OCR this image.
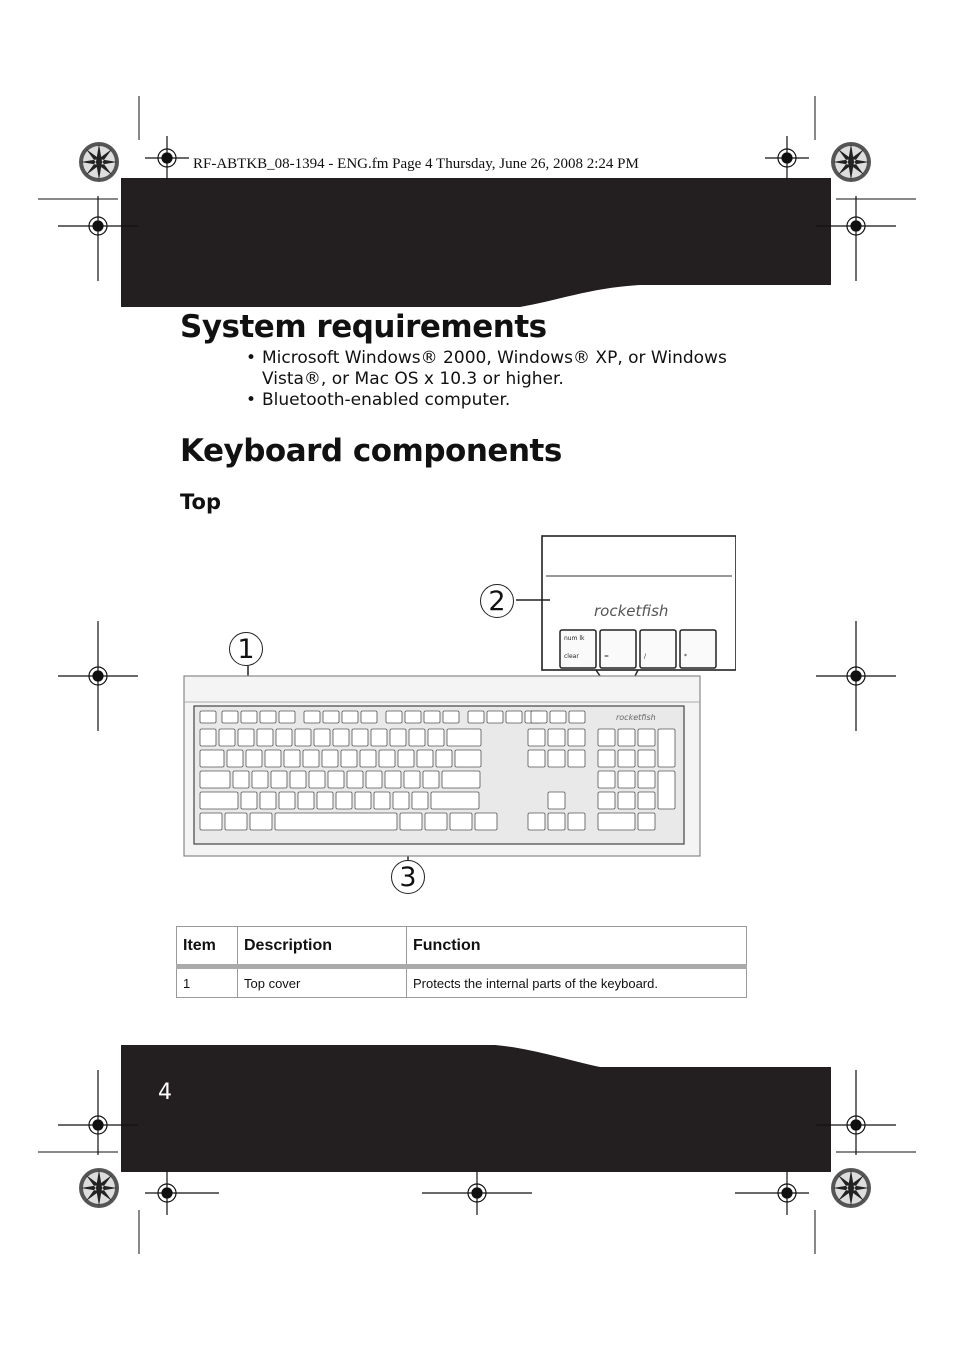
RF-ABTKB_08-1394 - ENG.fm Page 4 Thursday, June 26, 2008 2:24 PM
System requirements
• Microsoft Windows® 2000, Windows® XP, or Windows Vista®, or Mac OS x 10.3 or higher.
• Bluetooth-enabled computer.
Keyboard components
Top
rocketfish
num lk
clear	=	/	*
rocketfish
1
2
3
Item	Description	Function
1	Top cover	Protects the internal parts of the keyboard.
4
